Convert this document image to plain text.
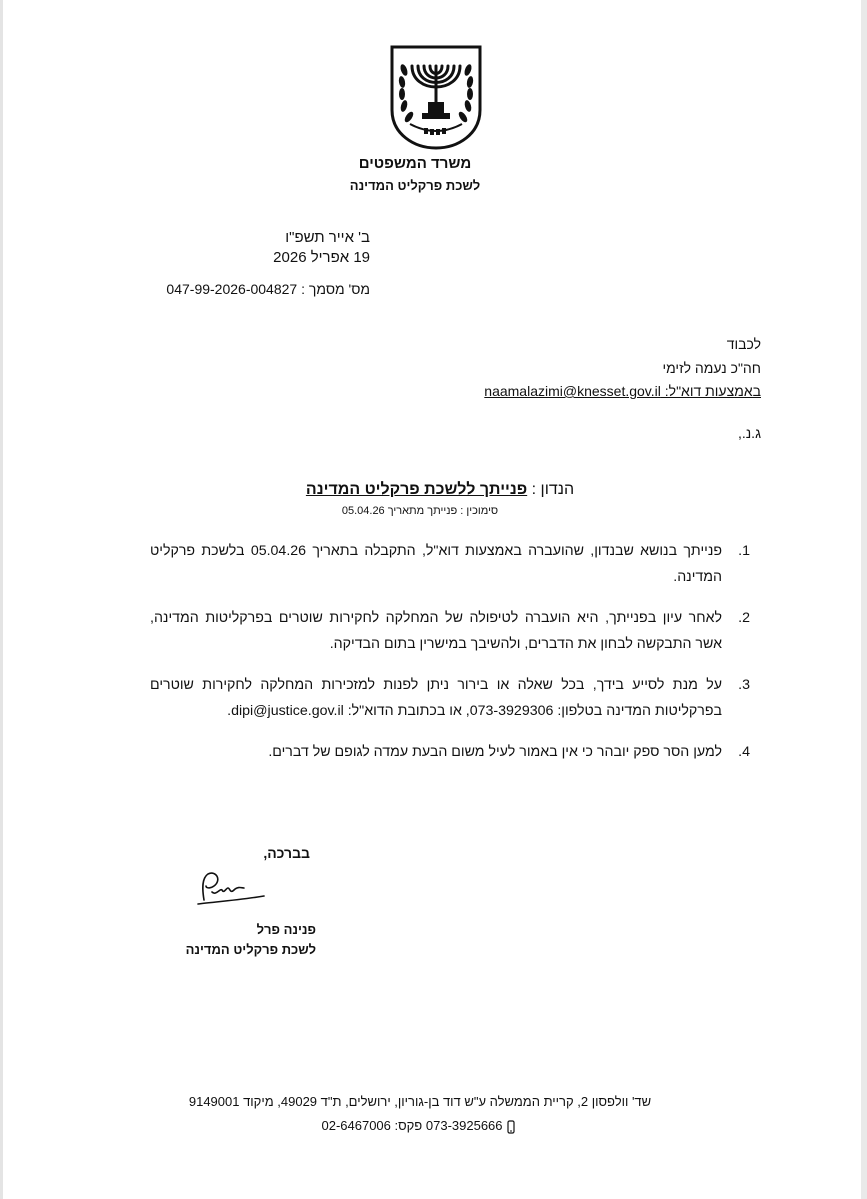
משרד המשפטים
לשכת פרקליט המדינה
ב' אייר תשפ"ו
19 אפריל 2026
מס' מסמך : 047-99-2026-004827
לכבוד
חה"כ נעמה לזימי
באמצעות דוא"ל: naamalazimi@knesset.gov.il
ג.נ.,
הנדון : פנייתך ללשכת פרקליט המדינה
סימוכין : פנייתך מתאריך 05.04.26
1.
פנייתך בנושא שבנדון, שהועברה באמצעות דוא"ל, התקבלה בתאריך 05.04.26 בלשכת פרקליט המדינה.
2.
לאחר עיון בפנייתך, היא הועברה לטיפולה של המחלקה לחקירות שוטרים בפרקליטות המדינה, אשר התבקשה לבחון את הדברים, ולהשיבך במישרין בתום הבדיקה.
3.
על מנת לסייע בידך, בכל שאלה או בירור ניתן לפנות למזכירות המחלקה לחקירות שוטרים בפרקליטות המדינה בטלפון: 073-3929306, או בכתובת הדוא"ל: dipi@justice.gov.il.
4.
למען הסר ספק יובהר כי אין באמור לעיל משום הבעת עמדה לגופם של דברים.
בברכה,
פנינה פרל
לשכת פרקליט המדינה
שד' וולפסון 2, קריית הממשלה ע"ש דוד בן-גוריון, ירושלים, ת"ד 49029, מיקוד 9149001
073-3925666 פקס: 02-6467006
